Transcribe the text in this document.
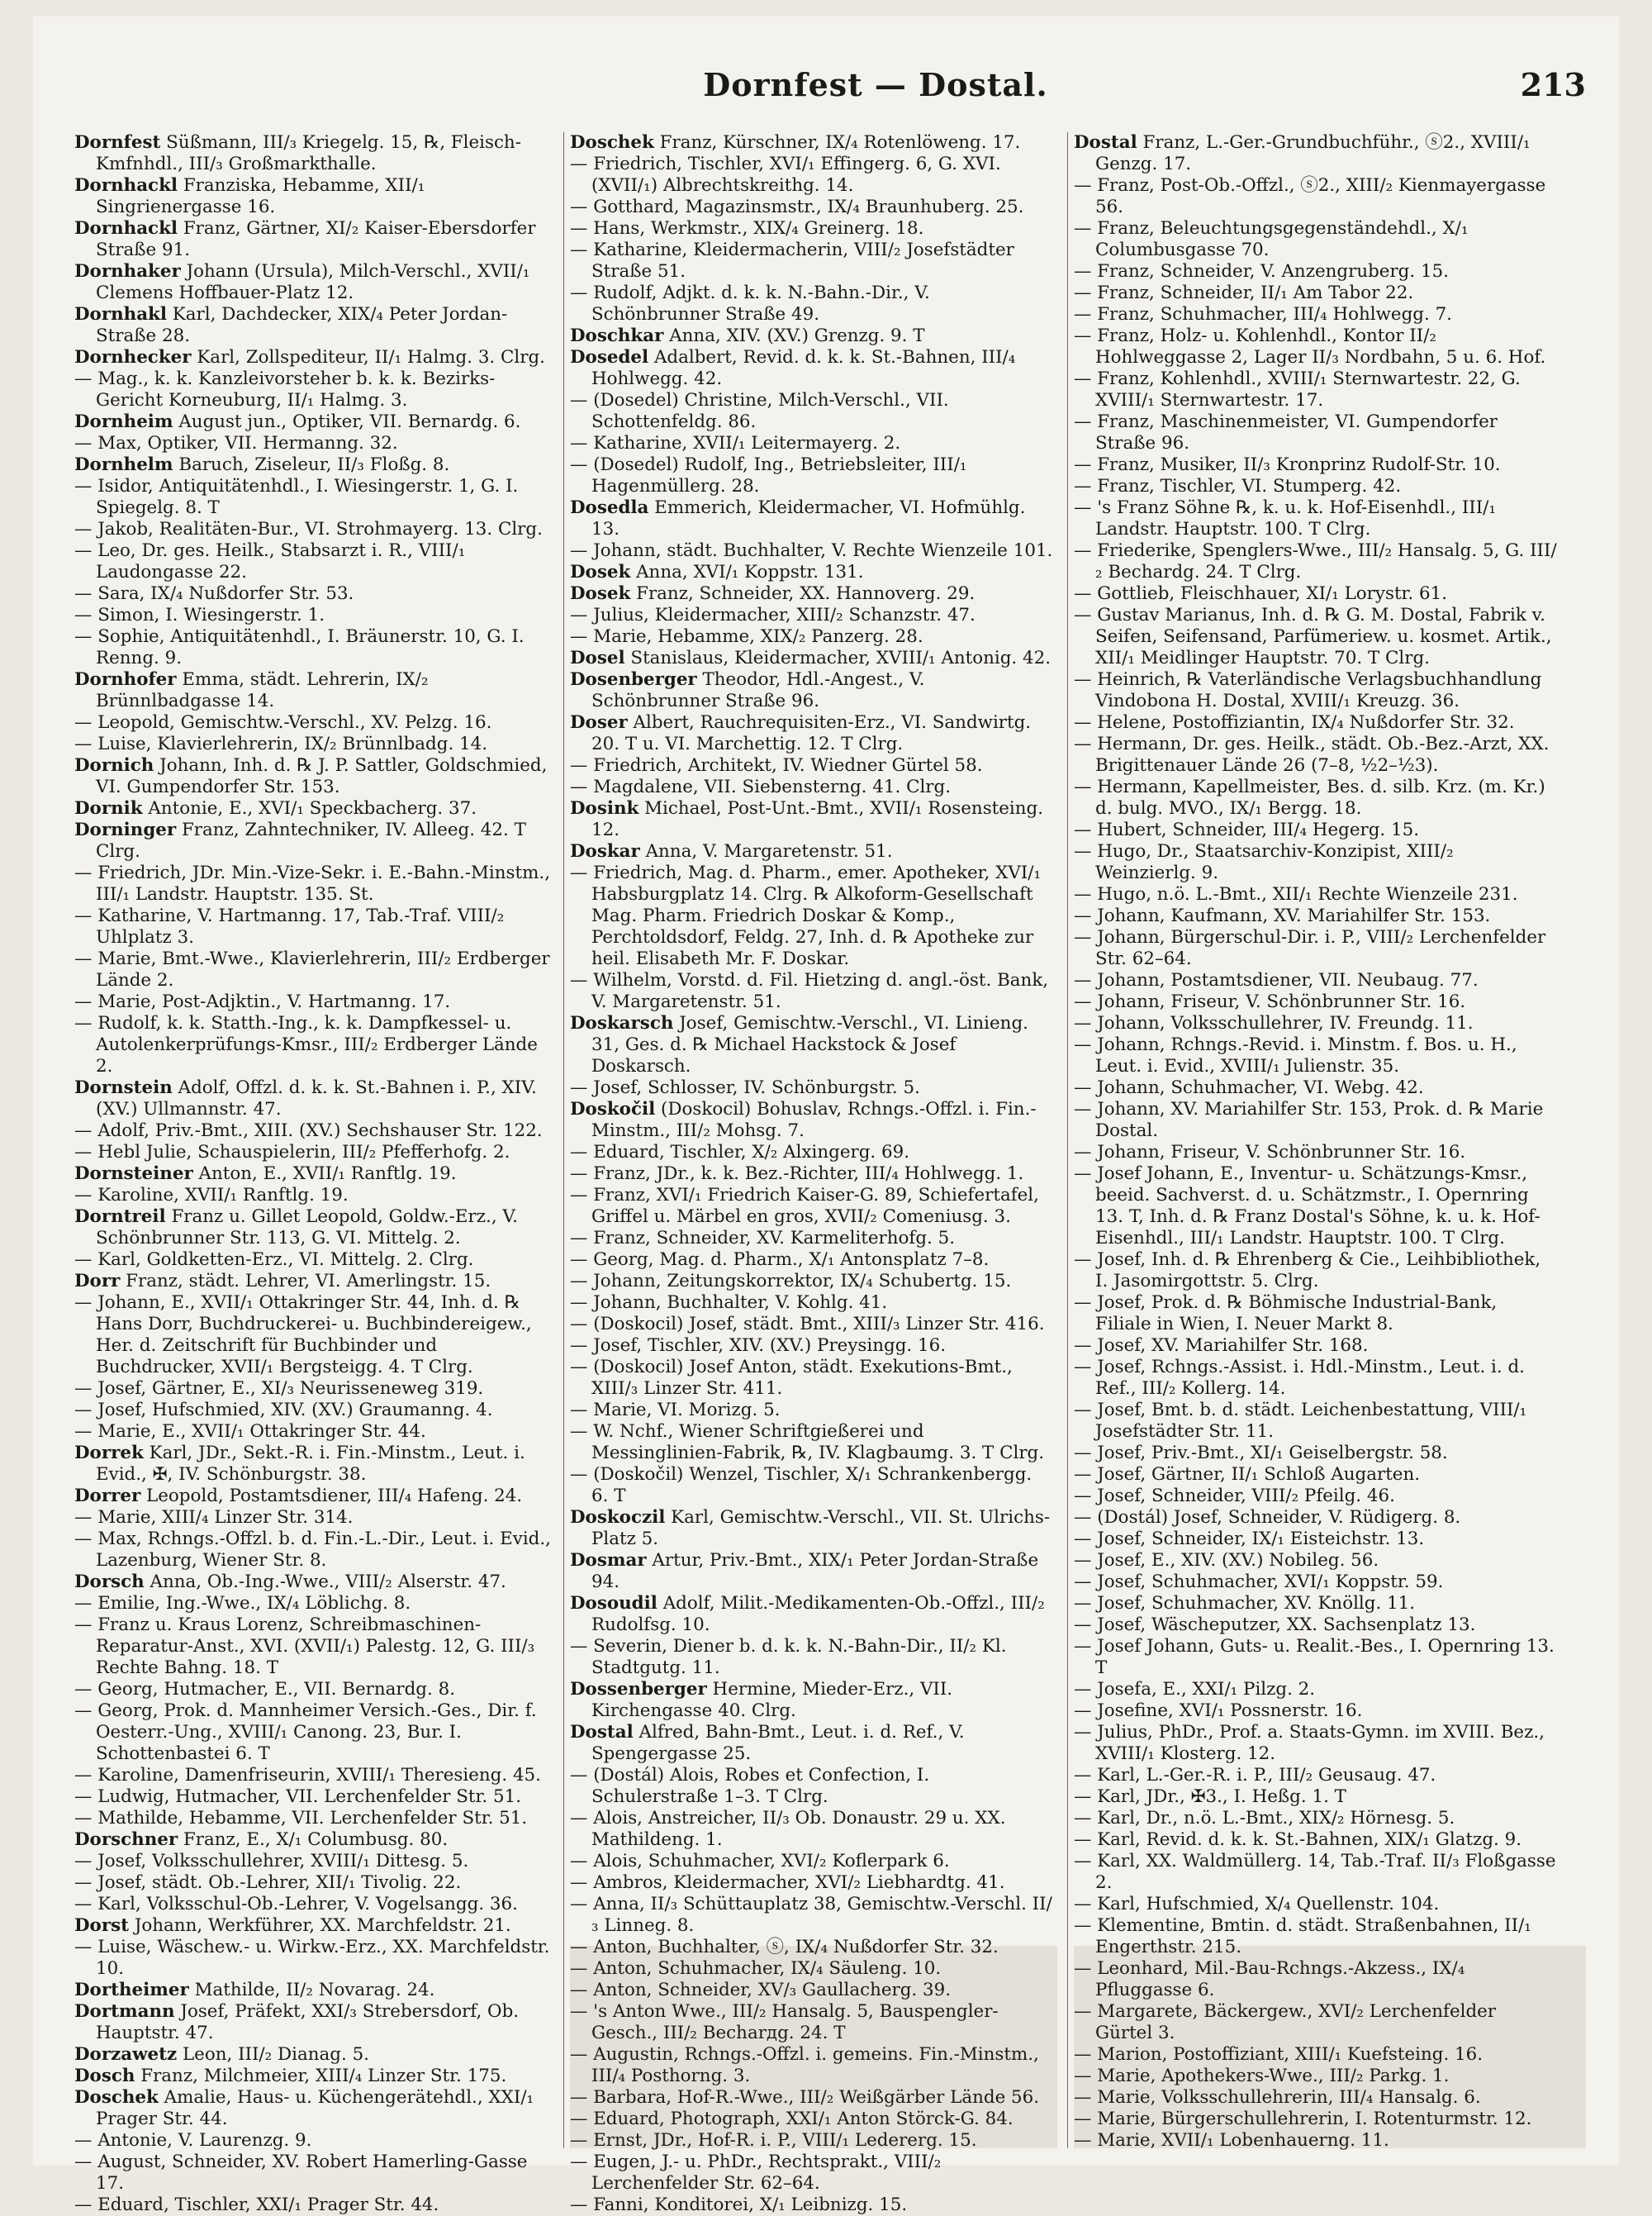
Dornfest — Dostal.	213

Dornfest Süßmann, III/₃ Kriegelg. 15, ℞, Fleisch-Kmfnhdl., III/₃ Großmarkthalle.

Dornhackl Franziska, Hebamme, XII/₁ Singrienergasse 16.

Dornhackl Franz, Gärtner, XI/₂ Kaiser-Ebersdorfer Straße 91.

Dornhaker Johann (Ursula), Milch-Verschl., XVII/₁ Clemens Hoffbauer-Platz 12.

Dornhakl Karl, Dachdecker, XIX/₄ Peter Jordan-Straße 28.

Dornhecker Karl, Zollspediteur, II/₁ Halmg. 3. Clrg.

— Mag., k. k. Kanzleivorsteher b. k. k. Bezirks-Gericht Korneuburg, II/₁ Halmg. 3.

Dornheim August jun., Optiker, VII. Bernardg. 6.

— Max, Optiker, VII. Hermanng. 32.

Dornhelm Baruch, Ziseleur, II/₃ Floßg. 8.

— Isidor, Antiquitätenhdl., I. Wiesingerstr. 1, G. I. Spiegelg. 8. T

— Jakob, Realitäten-Bur., VI. Strohmayerg. 13. Clrg.

— Leo, Dr. ges. Heilk., Stabsarzt i. R., VIII/₁ Laudongasse 22.

— Sara, IX/₄ Nußdorfer Str. 53.

— Simon, I. Wiesingerstr. 1.

— Sophie, Antiquitätenhdl., I. Bräunerstr. 10, G. I. Renng. 9.

Dornhofer Emma, städt. Lehrerin, IX/₂ Brünnlbadgasse 14.

— Leopold, Gemischtw.-Verschl., XV. Pelzg. 16.

— Luise, Klavierlehrerin, IX/₂ Brünnlbadg. 14.

Dornich Johann, Inh. d. ℞ J. P. Sattler, Goldschmied, VI. Gumpendorfer Str. 153.

Dornik Antonie, E., XVI/₁ Speckbacherg. 37.

Dorninger Franz, Zahntechniker, IV. Alleeg. 42. T Clrg.

— Friedrich, JDr. Min.-Vize-Sekr. i. E.-Bahn.-Minstm., III/₁ Landstr. Hauptstr. 135. St.

— Katharine, V. Hartmanng. 17, Tab.-Traf. VIII/₂ Uhlplatz 3.

— Marie, Bmt.-Wwe., Klavierlehrerin, III/₂ Erdberger Lände 2.

— Marie, Post-Adjktin., V. Hartmanng. 17.

— Rudolf, k. k. Statth.-Ing., k. k. Dampfkessel- u. Autolenkerprüfungs-Kmsr., III/₂ Erdberger Lände 2.

Dornstein Adolf, Offzl. d. k. k. St.-Bahnen i. P., XIV. (XV.) Ullmannstr. 47.

— Adolf, Priv.-Bmt., XIII. (XV.) Sechshauser Str. 122.

— Hebl Julie, Schauspielerin, III/₂ Pfefferhofg. 2.

Dornsteiner Anton, E., XVII/₁ Ranftlg. 19.

— Karoline, XVII/₁ Ranftlg. 19.

Dorntreil Franz u. Gillet Leopold, Goldw.-Erz., V. Schönbrunner Str. 113, G. VI. Mittelg. 2.

— Karl, Goldketten-Erz., VI. Mittelg. 2. Clrg.

Dorr Franz, städt. Lehrer, VI. Amerlingstr. 15.

— Johann, E., XVII/₁ Ottakringer Str. 44, Inh. d. ℞ Hans Dorr, Buchdruckerei- u. Buchbindereigew., Her. d. Zeitschrift für Buchbinder und Buchdrucker, XVII/₁ Bergsteigg. 4. T Clrg.

— Josef, Gärtner, E., XI/₃ Neurisseneweg 319.

— Josef, Hufschmied, XIV. (XV.) Graumanng. 4.

— Marie, E., XVII/₁ Ottakringer Str. 44.

Dorrek Karl, JDr., Sekt.-R. i. Fin.-Minstm., Leut. i. Evid., ✠, IV. Schönburgstr. 38.

Dorrer Leopold, Postamtsdiener, III/₄ Hafeng. 24.

— Marie, XIII/₄ Linzer Str. 314.

— Max, Rchngs.-Offzl. b. d. Fin.-L.-Dir., Leut. i. Evid., Lazenburg, Wiener Str. 8.

Dorsch Anna, Ob.-Ing.-Wwe., VIII/₂ Alserstr. 47.

— Emilie, Ing.-Wwe., IX/₄ Löblichg. 8.

— Franz u. Kraus Lorenz, Schreibmaschinen-Reparatur-Anst., XVI. (XVII/₁) Palestg. 12, G. III/₃ Rechte Bahng. 18. T

— Georg, Hutmacher, E., VII. Bernardg. 8.

— Georg, Prok. d. Mannheimer Versich.-Ges., Dir. f. Oesterr.-Ung., XVIII/₁ Canong. 23, Bur. I. Schottenbastei 6. T

— Karoline, Damenfriseurin, XVIII/₁ Theresieng. 45.

— Ludwig, Hutmacher, VII. Lerchenfelder Str. 51.

— Mathilde, Hebamme, VII. Lerchenfelder Str. 51.

Dorschner Franz, E., X/₁ Columbusg. 80.

— Josef, Volksschullehrer, XVIII/₁ Dittesg. 5.

— Josef, städt. Ob.-Lehrer, XII/₁ Tivolig. 22.

— Karl, Volksschul-Ob.-Lehrer, V. Vogelsangg. 36.

Dorst Johann, Werkführer, XX. Marchfeldstr. 21.

— Luise, Wäschew.- u. Wirkw.-Erz., XX. Marchfeldstr. 10.

Dortheimer Mathilde, II/₂ Novarag. 24.

Dortmann Josef, Präfekt, XXI/₃ Strebersdorf, Ob. Hauptstr. 47.

Dorzawetz Leon, III/₂ Dianag. 5.

Dosch Franz, Milchmeier, XIII/₄ Linzer Str. 175.

Doschek Amalie, Haus- u. Küchengerätehdl., XXI/₁ Prager Str. 44.

— Antonie, V. Laurenzg. 9.

— August, Schneider, XV. Robert Hamerling-Gasse 17.

— Eduard, Tischler, XXI/₁ Prager Str. 44.

Doschek Franz, Kürschner, IX/₄ Rotenlöweng. 17.

— Friedrich, Tischler, XVI/₁ Effingerg. 6, G. XVI. (XVII/₁) Albrechtskreithg. 14.

— Gotthard, Magazinsmstr., IX/₄ Braunhuberg. 25.

— Hans, Werkmstr., XIX/₄ Greinerg. 18.

— Katharine, Kleidermacherin, VIII/₂ Josefstädter Straße 51.

— Rudolf, Adjkt. d. k. k. N.-Bahn.-Dir., V. Schönbrunner Straße 49.

Doschkar Anna, XIV. (XV.) Grenzg. 9. T

Dosedel Adalbert, Revid. d. k. k. St.-Bahnen, III/₄ Hohlwegg. 42.

— (Dosedel) Christine, Milch-Verschl., VII. Schottenfeldg. 86.

— Katharine, XVII/₁ Leitermayerg. 2.

— (Dosedel) Rudolf, Ing., Betriebsleiter, III/₁ Hagenmüllerg. 28.

Dosedla Emmerich, Kleidermacher, VI. Hofmühlg. 13.

— Johann, städt. Buchhalter, V. Rechte Wienzeile 101.

Dosek Anna, XVI/₁ Koppstr. 131.

Dosek Franz, Schneider, XX. Hannoverg. 29.

— Julius, Kleidermacher, XIII/₂ Schanzstr. 47.

— Marie, Hebamme, XIX/₂ Panzerg. 28.

Dosel Stanislaus, Kleidermacher, XVIII/₁ Antonig. 42.

Dosenberger Theodor, Hdl.-Angest., V. Schönbrunner Straße 96.

Doser Albert, Rauchrequisiten-Erz., VI. Sandwirtg. 20. T u. VI. Marchettig. 12. T Clrg.

— Friedrich, Architekt, IV. Wiedner Gürtel 58.

— Magdalene, VII. Siebensterng. 41. Clrg.

Dosink Michael, Post-Unt.-Bmt., XVII/₁ Rosensteing. 12.

Doskar Anna, V. Margaretenstr. 51.

— Friedrich, Mag. d. Pharm., emer. Apotheker, XVI/₁ Habsburgplatz 14. Clrg. ℞ Alkoform-Gesellschaft Mag. Pharm. Friedrich Doskar & Komp., Perchtoldsdorf, Feldg. 27, Inh. d. ℞ Apotheke zur heil. Elisabeth Mr. F. Doskar.

— Wilhelm, Vorstd. d. Fil. Hietzing d. angl.-öst. Bank, V. Margaretenstr. 51.

Doskarsch Josef, Gemischtw.-Verschl., VI. Linieng. 31, Ges. d. ℞ Michael Hackstock & Josef Doskarsch.

— Josef, Schlosser, IV. Schönburgstr. 5.

Doskočil (Doskocil) Bohuslav, Rchngs.-Offzl. i. Fin.-Minstm., III/₂ Mohsg. 7.

— Eduard, Tischler, X/₂ Alxingerg. 69.

— Franz, JDr., k. k. Bez.-Richter, III/₄ Hohlwegg. 1.

— Franz, XVI/₁ Friedrich Kaiser-G. 89, Schiefertafel, Griffel u. Märbel en gros, XVII/₂ Comeniusg. 3.

— Franz, Schneider, XV. Karmeliterhofg. 5.

— Georg, Mag. d. Pharm., X/₁ Antonsplatz 7–8.

— Johann, Zeitungskorrektor, IX/₄ Schubertg. 15.

— Johann, Buchhalter, V. Kohlg. 41.

— (Doskocil) Josef, städt. Bmt., XIII/₃ Linzer Str. 416.

— Josef, Tischler, XIV. (XV.) Preysingg. 16.

— (Doskocil) Josef Anton, städt. Exekutions-Bmt., XIII/₃ Linzer Str. 411.

— Marie, VI. Morizg. 5.

— W. Nchf., Wiener Schriftgießerei und Messinglinien-Fabrik, ℞, IV. Klagbaumg. 3. T Clrg.

— (Doskočil) Wenzel, Tischler, X/₁ Schrankenbergg. 6. T

Doskoczil Karl, Gemischtw.-Verschl., VII. St. Ulrichs-Platz 5.

Dosmar Artur, Priv.-Bmt., XIX/₁ Peter Jordan-Straße 94.

Dosoudil Adolf, Milit.-Medikamenten-Ob.-Offzl., III/₂ Rudolfsg. 10.

— Severin, Diener b. d. k. k. N.-Bahn-Dir., II/₂ Kl. Stadtgutg. 11.

Dossenberger Hermine, Mieder-Erz., VII. Kirchengasse 40. Clrg.

Dostal Alfred, Bahn-Bmt., Leut. i. d. Ref., V. Spengergasse 25.

— (Dostál) Alois, Robes et Confection, I. Schulerstraße 1–3. T Clrg.

— Alois, Anstreicher, II/₃ Ob. Donaustr. 29 u. XX. Mathildeng. 1.

— Alois, Schuhmacher, XVI/₂ Koflerpark 6.

— Ambros, Kleidermacher, XVI/₂ Liebhardtg. 41.

— Anna, II/₃ Schüttauplatz 38, Gemischtw.-Verschl. II/₃ Linneg. 8.

— Anton, Buchhalter, ⓢ, IX/₄ Nußdorfer Str. 32.

— Anton, Schuhmacher, IX/₄ Säuleng. 10.

— Anton, Schneider, XV/₃ Gaullacherg. 39.

— 's Anton Wwe., III/₂ Hansalg. 5, Bauspengler-Gesch., III/₂ Becharдg. 24. T

— Augustin, Rchngs.-Offzl. i. gemeins. Fin.-Minstm., III/₄ Posthorng. 3.

— Barbara, Hof-R.-Wwe., III/₂ Weißgärber Lände 56.

— Eduard, Photograph, XXI/₁ Anton Störck-G. 84.

— Ernst, JDr., Hof-R. i. P., VIII/₁ Ledererg. 15.

— Eugen, J.- u. PhDr., Rechtsprakt., VIII/₂ Lerchenfelder Str. 62–64.

— Fanni, Konditorei, X/₁ Leibnizg. 15.

Dostal Franz, L.-Ger.-Grundbuchführ., ⓢ2., XVIII/₁ Genzg. 17.

— Franz, Post-Ob.-Offzl., ⓢ2., XIII/₂ Kienmayergasse 56.

— Franz, Beleuchtungsgegenständehdl., X/₁ Columbusgasse 70.

— Franz, Schneider, V. Anzengruberg. 15.

— Franz, Schneider, II/₁ Am Tabor 22.

— Franz, Schuhmacher, III/₄ Hohlwegg. 7.

— Franz, Holz- u. Kohlenhdl., Kontor II/₂ Hohlweggasse 2, Lager II/₃ Nordbahn, 5 u. 6. Hof.

— Franz, Kohlenhdl., XVIII/₁ Sternwartestr. 22, G. XVIII/₁ Sternwartestr. 17.

— Franz, Maschinenmeister, VI. Gumpendorfer Straße 96.

— Franz, Musiker, II/₃ Kronprinz Rudolf-Str. 10.

— Franz, Tischler, VI. Stumperg. 42.

— 's Franz Söhne ℞, k. u. k. Hof-Eisenhdl., III/₁ Landstr. Hauptstr. 100. T Clrg.

— Friederike, Spenglers-Wwe., III/₂ Hansalg. 5, G. III/₂ Bechardg. 24. T Clrg.

— Gottlieb, Fleischhauer, XI/₁ Lorystr. 61.

— Gustav Marianus, Inh. d. ℞ G. M. Dostal, Fabrik v. Seifen, Seifensand, Parfümeriew. u. kosmet. Artik., XII/₁ Meidlinger Hauptstr. 70. T Clrg.

— Heinrich, ℞ Vaterländische Verlagsbuchhandlung Vindobona H. Dostal, XVIII/₁ Kreuzg. 36.

— Helene, Postoffiziantin, IX/₄ Nußdorfer Str. 32.

— Hermann, Dr. ges. Heilk., städt. Ob.-Bez.-Arzt, XX. Brigittenauer Lände 26 (7–8, ½2–½3).

— Hermann, Kapellmeister, Bes. d. silb. Krz. (m. Kr.) d. bulg. MVO., IX/₁ Bergg. 18.

— Hubert, Schneider, III/₄ Hegerg. 15.

— Hugo, Dr., Staatsarchiv-Konzipist, XIII/₂ Weinzierlg. 9.

— Hugo, n.ö. L.-Bmt., XII/₁ Rechte Wienzeile 231.

— Johann, Kaufmann, XV. Mariahilfer Str. 153.

— Johann, Bürgerschul-Dir. i. P., VIII/₂ Lerchenfelder Str. 62–64.

— Johann, Postamtsdiener, VII. Neubaug. 77.

— Johann, Friseur, V. Schönbrunner Str. 16.

— Johann, Volksschullehrer, IV. Freundg. 11.

— Johann, Rchngs.-Revid. i. Minstm. f. Bos. u. H., Leut. i. Evid., XVIII/₁ Julienstr. 35.

— Johann, Schuhmacher, VI. Webg. 42.

— Johann, XV. Mariahilfer Str. 153, Prok. d. ℞ Marie Dostal.

— Johann, Friseur, V. Schönbrunner Str. 16.

— Josef Johann, E., Inventur- u. Schätzungs-Kmsr., beeid. Sachverst. d. u. Schätzmstr., I. Opernring 13. T, Inh. d. ℞ Franz Dostal's Söhne, k. u. k. Hof-Eisenhdl., III/₁ Landstr. Hauptstr. 100. T Clrg.

— Josef, Inh. d. ℞ Ehrenberg & Cie., Leihbibliothek, I. Jasomirgottstr. 5. Clrg.

— Josef, Prok. d. ℞ Böhmische Industrial-Bank, Filiale in Wien, I. Neuer Markt 8.

— Josef, XV. Mariahilfer Str. 168.

— Josef, Rchngs.-Assist. i. Hdl.-Minstm., Leut. i. d. Ref., III/₂ Kollerg. 14.

— Josef, Bmt. b. d. städt. Leichenbestattung, VIII/₁ Josefstädter Str. 11.

— Josef, Priv.-Bmt., XI/₁ Geiselbergstr. 58.

— Josef, Gärtner, II/₁ Schloß Augarten.

— Josef, Schneider, VIII/₂ Pfeilg. 46.

— (Dostál) Josef, Schneider, V. Rüdigerg. 8.

— Josef, Schneider, IX/₁ Eisteichstr. 13.

— Josef, E., XIV. (XV.) Nobileg. 56.

— Josef, Schuhmacher, XVI/₁ Koppstr. 59.

— Josef, Schuhmacher, XV. Knöllg. 11.

— Josef, Wäscheputzer, XX. Sachsenplatz 13.

— Josef Johann, Guts- u. Realit.-Bes., I. Opernring 13. T

— Josefa, E., XXI/₁ Pilzg. 2.

— Josefine, XVI/₁ Possnerstr. 16.

— Julius, PhDr., Prof. a. Staats-Gymn. im XVIII. Bez., XVIII/₁ Klosterg. 12.

— Karl, L.-Ger.-R. i. P., III/₂ Geusaug. 47.

— Karl, JDr., ✠3., I. Heßg. 1. T

— Karl, Dr., n.ö. L.-Bmt., XIX/₂ Hörnesg. 5.

— Karl, Revid. d. k. k. St.-Bahnen, XIX/₁ Glatzg. 9.

— Karl, XX. Waldmüllerg. 14, Tab.-Traf. II/₃ Floßgasse 2.

— Karl, Hufschmied, X/₄ Quellenstr. 104.

— Klementine, Bmtin. d. städt. Straßenbahnen, II/₁ Engerthstr. 215.

— Leonhard, Mil.-Bau-Rchngs.-Akzess., IX/₄ Pfluggasse 6.

— Margarete, Bäckergew., XVI/₂ Lerchenfelder Gürtel 3.

— Marion, Postoffiziant, XIII/₁ Kuefsteing. 16.

— Marie, Apothekers-Wwe., III/₂ Parkg. 1.

— Marie, Volksschullehrerin, III/₄ Hansalg. 6.

— Marie, Bürgerschullehrerin, I. Rotenturmstr. 12.

— Marie, XVII/₁ Lobenhauerng. 11.
